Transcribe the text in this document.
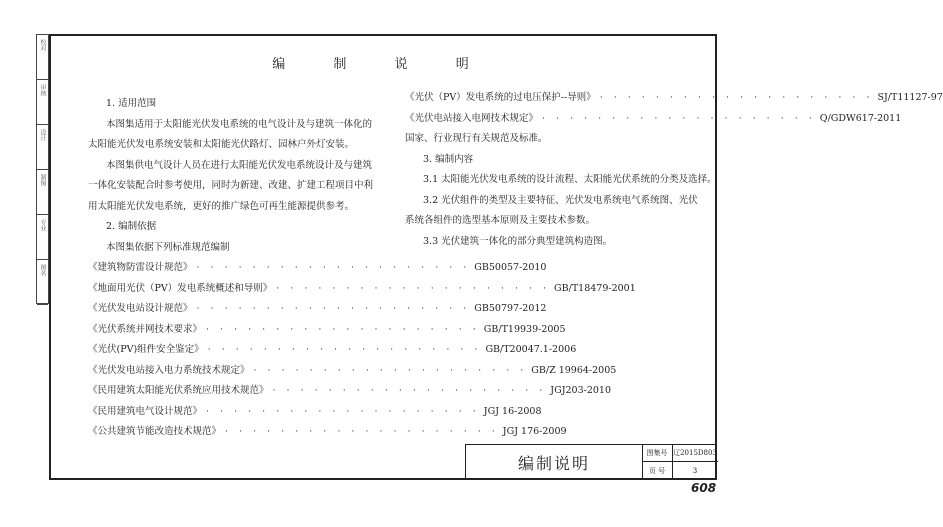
校对
审核
设计
制图
专业
图名
编 制 说 明
1. 适用范围
本图集适用于太阳能光伏发电系统的电气设计及与建筑一体化的
太阳能光伏发电系统安装和太阳能光伏路灯、园林户外灯安装。
本图集供电气设计人员在进行太阳能光伏发电系统设计及与建筑
一体化安装配合时参考使用，同时为新建、改建、扩建工程项目中利
用太阳能光伏发电系统，更好的推广绿色可再生能源提供参考。
2. 编制依据
本图集依据下列标准规范编制
《建筑物防雷设计规范》 · · · · · · · · · · · · · · · · · · · · GB50057-2010
《地面用光伏（PV）发电系统概述和导则》 · · · · · · · · · · · · · · · · · · · · GB/T18479-2001
《光伏发电站设计规范》 · · · · · · · · · · · · · · · · · · · · GB50797-2012
《光伏系统并网技术要求》 · · · · · · · · · · · · · · · · · · · · GB/T19939-2005
《光伏(PV)组件安全鉴定》 · · · · · · · · · · · · · · · · · · · · GB/T20047.1-2006
《光伏发电站接入电力系统技术规定》 · · · · · · · · · · · · · · · · · · · · GB/Z 19964-2005
《民用建筑太阳能光伏系统应用技术规范》 · · · · · · · · · · · · · · · · · · · · JGJ203-2010
《民用建筑电气设计规范》 · · · · · · · · · · · · · · · · · · · · JGJ 16-2008
《公共建筑节能改造技术规范》 · · · · · · · · · · · · · · · · · · · · JGJ 176-2009
《光伏（PV）发电系统的过电压保护--导则》 · · · · · · · · · · · · · · · · · · · · SJ/T11127-97
《光伏电站接入电网技术规定》 · · · · · · · · · · · · · · · · · · · · Q/GDW617-2011
国家、行业现行有关规范及标准。
3. 编制内容
3.1 太阳能光伏发电系统的设计流程、太阳能光伏系统的分类及选择。
3.2 光伏组件的类型及主要特征、光伏发电系统电气系统图、光伏
系统各组件的选型基本原则及主要技术参数。
3.3 光伏建筑一体化的部分典型建筑构造图。
编制说明
图集号 辽2015D803
页 号	3
608
